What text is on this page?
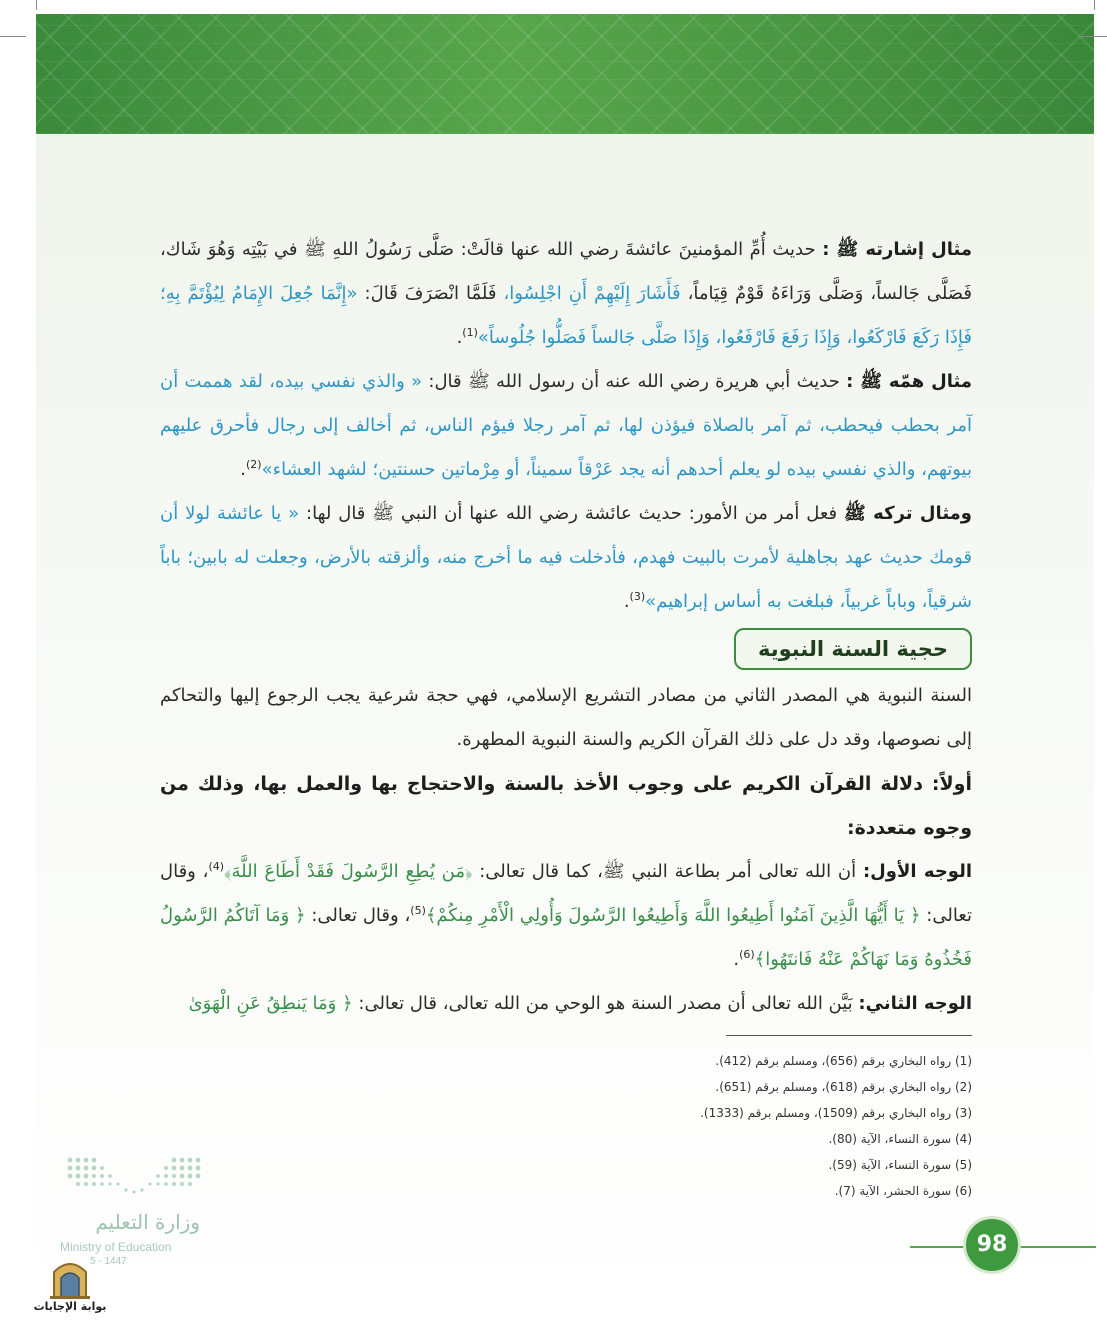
مثال إشارته ﷺ : حديث أُمِّ المؤمنينَ عائشةَ رضي الله عنها قالَتْ: صَلَّى رَسُولُ اللهِ ﷺ في بَيْتِه وَهُوَ شَاك، فَصَلَّى جَالساً، وَصَلَّى وَرَاءَهُ قَوْمٌ قِيَاماً، فَأَشَارَ إِلَيْهِمْ أَنِ اجْلِسُوا، فَلَمَّا انْصَرَفَ قَالَ: «إِنَّمَا جُعِلَ الإِمَامُ لِيُؤْتَمَّ بِهِ؛ فَإِذَا رَكَعَ فَارْكَعُوا، وَإِذَا رَفَعَ فَارْفَعُوا، وَإِذَا صَلَّى جَالساً فَصَلُّوا جُلُوساً»$^{(1)}$.

مثال همّه ﷺ : حديث أبي هريرة رضي الله عنه أن رسول الله ﷺ قال: « والذي نفسي بيده، لقد هممت أن آمر بحطب فيحطب، ثم آمر بالصلاة فيؤذن لها، ثم آمر رجلا فيؤم الناس، ثم أخالف إلى رجال فأحرق عليهم بيوتهم، والذي نفسي بيده لو يعلم أحدهم أنه يجد عَرْقاً سميناً، أو مِرْماتين حسنتين؛ لشهد العشاء»$^{(2)}$.

ومثال تركه ﷺ فعل أمر من الأمور: حديث عائشة رضي الله عنها أن النبي ﷺ قال لها: « يا عائشة لولا أن قومك حديث عهد بجاهلية لأمرت بالبيت فهدم، فأدخلت فيه ما أخرج منه، وألزقته بالأرض، وجعلت له بابين؛ باباً شرقياً، وباباً غربياً، فبلغت به أساس إبراهيم»$^{(3)}$.

حجية السنة النبوية

السنة النبوية هي المصدر الثاني من مصادر التشريع الإسلامي، فهي حجة شرعية يجب الرجوع إليها والتحاكم إلى نصوصها، وقد دل على ذلك القرآن الكريم والسنة النبوية المطهرة.

أولاً: دلالة القرآن الكريم على وجوب الأخذ بالسنة والاحتجاج بها والعمل بها، وذلك من وجوه متعددة:

الوجه الأول: أن الله تعالى أمر بطاعة النبي ﷺ، كما قال تعالى: ﴿مَن يُطِعِ الرَّسُولَ فَقَدْ أَطَاعَ اللَّهَ﴾$^{(4)}$، وقال تعالى: ﴿ يَا أَيُّهَا الَّذِينَ آمَنُوا أَطِيعُوا اللَّهَ وَأَطِيعُوا الرَّسُولَ وَأُولِي الْأَمْرِ مِنكُمْ﴾$^{(5)}$، وقال تعالى: ﴿ وَمَا آتَاكُمُ الرَّسُولُ فَخُذُوهُ وَمَا نَهَاكُمْ عَنْهُ فَانتَهُوا﴾$^{(6)}$.

الوجه الثاني: بَيَّن الله تعالى أن مصدر السنة هو الوحي من الله تعالى، قال تعالى: ﴿ وَمَا يَنطِقُ عَنِ الْهَوَىٰ

(1) رواه البخاري برقم (656)، ومسلم برقم (412).

(2) رواه البخاري برقم (618)، ومسلم برقم (651).

(3) رواه البخاري برقم (1509)، ومسلم برقم (1333).

(4) سورة النساء، الآية (80).

(5) سورة النساء، الآية (59).

(6) سورة الحشر، الآية (7).

98
وزارة التعليم
Ministry of Education
5 - 1447
بوابة الإجابات
